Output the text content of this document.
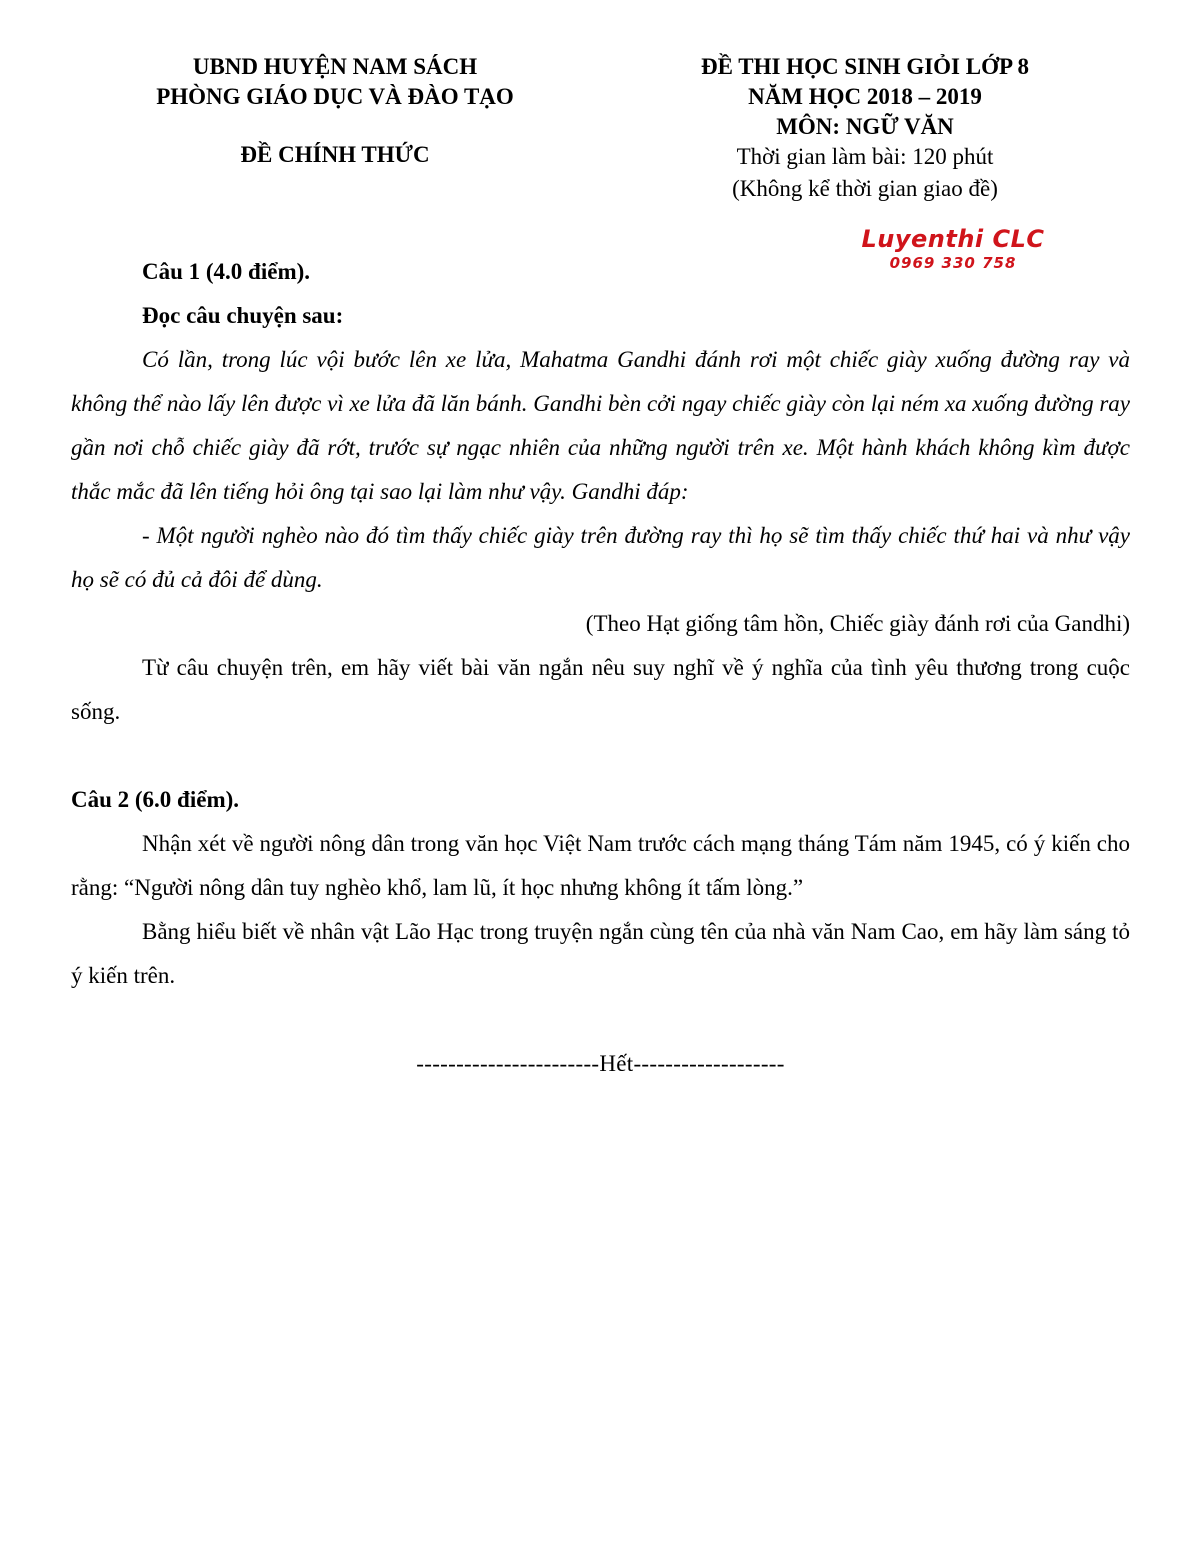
UBND HUYỆN NAM SÁCH
PHÒNG GIÁO DỤC VÀ ĐÀO TẠO
ĐỀ CHÍNH THỨC
ĐỀ THI HỌC SINH GIỎI LỚP 8
NĂM HỌC 2018 – 2019
MÔN: NGỮ VĂN
Thời gian làm bài: 120 phút
(Không kể thời gian giao đề)
Luyenthi CLC
0969 330 758

Câu 1 (4.0 điểm).

Đọc câu chuyện sau:

Có lần, trong lúc vội bước lên xe lửa, Mahatma Gandhi đánh rơi một chiếc giày xuống đường ray và không thể nào lấy lên được vì xe lửa đã lăn bánh. Gandhi bèn cởi ngay chiếc giày còn lại ném xa xuống đường ray gần nơi chỗ chiếc giày đã rớt, trước sự ngạc nhiên của những người trên xe. Một hành khách không kìm được thắc mắc đã lên tiếng hỏi ông tại sao lại làm như vậy. Gandhi đáp:

- Một người nghèo nào đó tìm thấy chiếc giày trên đường ray thì họ sẽ tìm thấy chiếc thứ hai và như vậy họ sẽ có đủ cả đôi để dùng.

(Theo Hạt giống tâm hồn, Chiếc giày đánh rơi của Gandhi)

Từ câu chuyện trên, em hãy viết bài văn ngắn nêu suy nghĩ về ý nghĩa của tình yêu thương trong cuộc sống.

Câu 2 (6.0 điểm).

Nhận xét về người nông dân trong văn học Việt Nam trước cách mạng tháng Tám năm 1945, có ý kiến cho rằng: “Người nông dân tuy nghèo khổ, lam lũ, ít học nhưng không ít tấm lòng.”

Bằng hiểu biết về nhân vật Lão Hạc trong truyện ngắn cùng tên của nhà văn Nam Cao, em hãy làm sáng tỏ ý kiến trên.

-----------------------Hết-------------------
